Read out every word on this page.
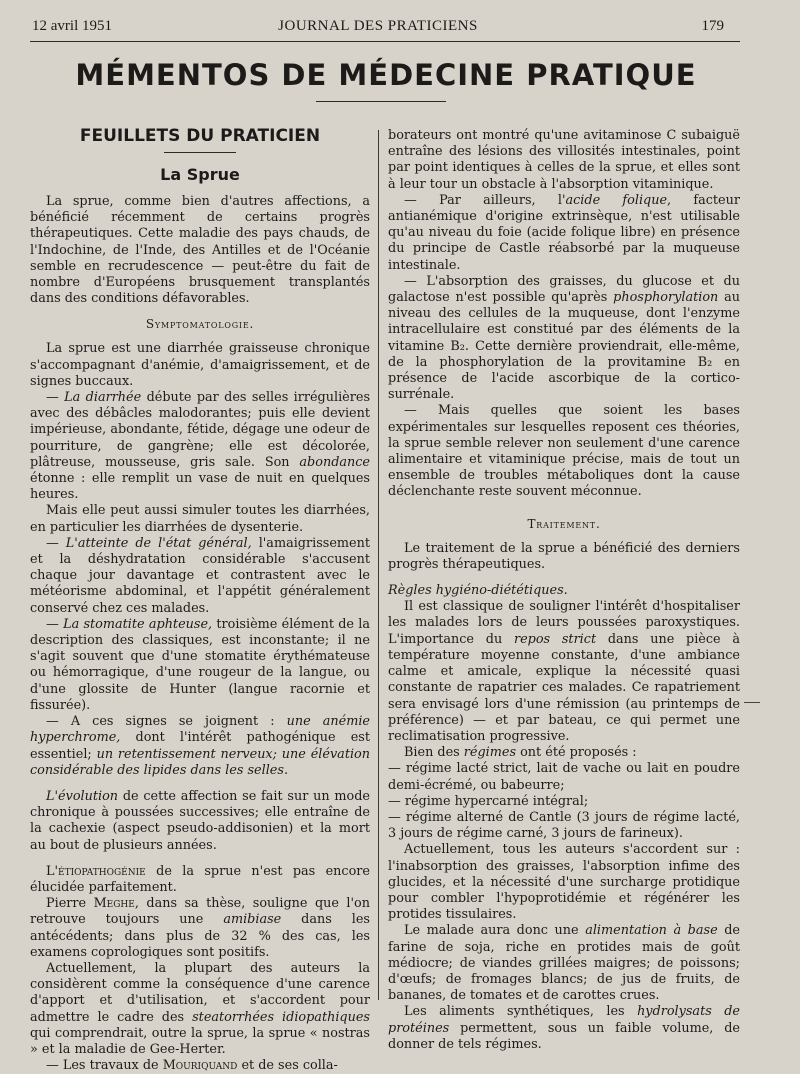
12 avril 1951	JOURNAL DES PRATICIENS	179
MÉMENTOS DE MÉDECINE PRATIQUE
FEUILLETS DU PRATICIEN
La Sprue

La sprue, comme bien d'autres affections, a bénéficié récemment de certains progrès thérapeutiques. Cette maladie des pays chauds, de l'Indochine, de l'Inde, des Antilles et de l'Océanie semble en recrudescence — peut-être du fait de nombre d'Européens brusquement transplantés dans des conditions défavorables.

Symptomatologie.

La sprue est une diarrhée graisseuse chronique s'accompagnant d'anémie, d'amaigrissement, et de signes buccaux.

— La diarrhée débute par des selles irrégulières avec des débâcles malodorantes; puis elle devient impérieuse, abondante, fétide, dégage une odeur de pourriture, de gangrène; elle est décolorée, plâtreuse, mousseuse, gris sale. Son abondance étonne : elle remplit un vase de nuit en quelques heures.

Mais elle peut aussi simuler toutes les diarrhées, en particulier les diarrhées de dysenterie.

— L'atteinte de l'état général, l'amaigrissement et la déshydratation considérable s'accusent chaque jour davantage et contrastent avec le météorisme abdominal, et l'appétit généralement conservé chez ces malades.

— La stomatite aphteuse, troisième élément de la description des classiques, est inconstante; il ne s'agit souvent que d'une stomatite érythémateuse ou hémorragique, d'une rougeur de la langue, ou d'une glossite de Hunter (langue racornie et fissurée).

— A ces signes se joignent : une anémie hyperchrome, dont l'intérêt pathogénique est essentiel; un retentissement nerveux; une élévation considérable des lipides dans les selles.

L'évolution de cette affection se fait sur un mode chronique à poussées successives; elle entraîne de la cachexie (aspect pseudo-addisonien) et la mort au bout de plusieurs années.

L'étiopathogénie de la sprue n'est pas encore élucidée parfaitement.

Pierre Meghe, dans sa thèse, souligne que l'on retrouve toujours une amibiase dans les antécédents; dans plus de 32 % des cas, les examens coprologiques sont positifs.

Actuellement, la plupart des auteurs la considèrent comme la conséquence d'une carence d'apport et d'utilisation, et s'accordent pour admettre le cadre des steatorrhées idiopathiques qui comprendrait, outre la sprue, la sprue « nostras » et la maladie de Gee-Herter.

— Les travaux de Mouriquand et de ses colla-

borateurs ont montré qu'une avitaminose C subaiguë entraîne des lésions des villosités intestinales, point par point identiques à celles de la sprue, et elles sont à leur tour un obstacle à l'absorption vitaminique.

— Par ailleurs, l'acide folique, facteur antianémique d'origine extrinsèque, n'est utilisable qu'au niveau du foie (acide folique libre) en présence du principe de Castle réabsorbé par la muqueuse intestinale.

— L'absorption des graisses, du glucose et du galactose n'est possible qu'après phosphorylation au niveau des cellules de la muqueuse, dont l'enzyme intracellulaire est constitué par des éléments de la vitamine B₂. Cette dernière proviendrait, elle-même, de la phosphorylation de la provitamine B₂ en présence de l'acide ascorbique de la cortico-surrénale.

— Mais quelles que soient les bases expérimentales sur lesquelles reposent ces théories, la sprue semble relever non seulement d'une carence alimentaire et vitaminique précise, mais de tout un ensemble de troubles métaboliques dont la cause déclenchante reste souvent méconnue.

Traitement.

Le traitement de la sprue a bénéficié des derniers progrès thérapeutiques.

Règles hygiéno-diététiques.

Il est classique de souligner l'intérêt d'hospitaliser les malades lors de leurs poussées paroxystiques. L'importance du repos strict dans une pièce à température moyenne constante, d'une ambiance calme et amicale, explique la nécessité quasi constante de rapatrier ces malades. Ce rapatriement sera envisagé lors d'une rémission (au printemps de préférence) — et par bateau, ce qui permet une reclimatisation progressive.

Bien des régimes ont été proposés :

— régime lacté strict, lait de vache ou lait en poudre demi-écrémé, ou babeurre;

— régime hypercarné intégral;

— régime alterné de Cantle (3 jours de régime lacté, 3 jours de régime carné, 3 jours de farineux).

Actuellement, tous les auteurs s'accordent sur : l'inabsorption des graisses, l'absorption infime des glucides, et la nécessité d'une surcharge protidique pour combler l'hypoprotidémie et régénérer les protides tissulaires.

Le malade aura donc une alimentation à base de farine de soja, riche en protides mais de goût médiocre; de viandes grillées maigres; de poissons; d'œufs; de fromages blancs; de jus de fruits, de bananes, de tomates et de carottes crues.

Les aliments synthétiques, les hydrolysats de protéines permettent, sous un faible volume, de donner de tels régimes.
